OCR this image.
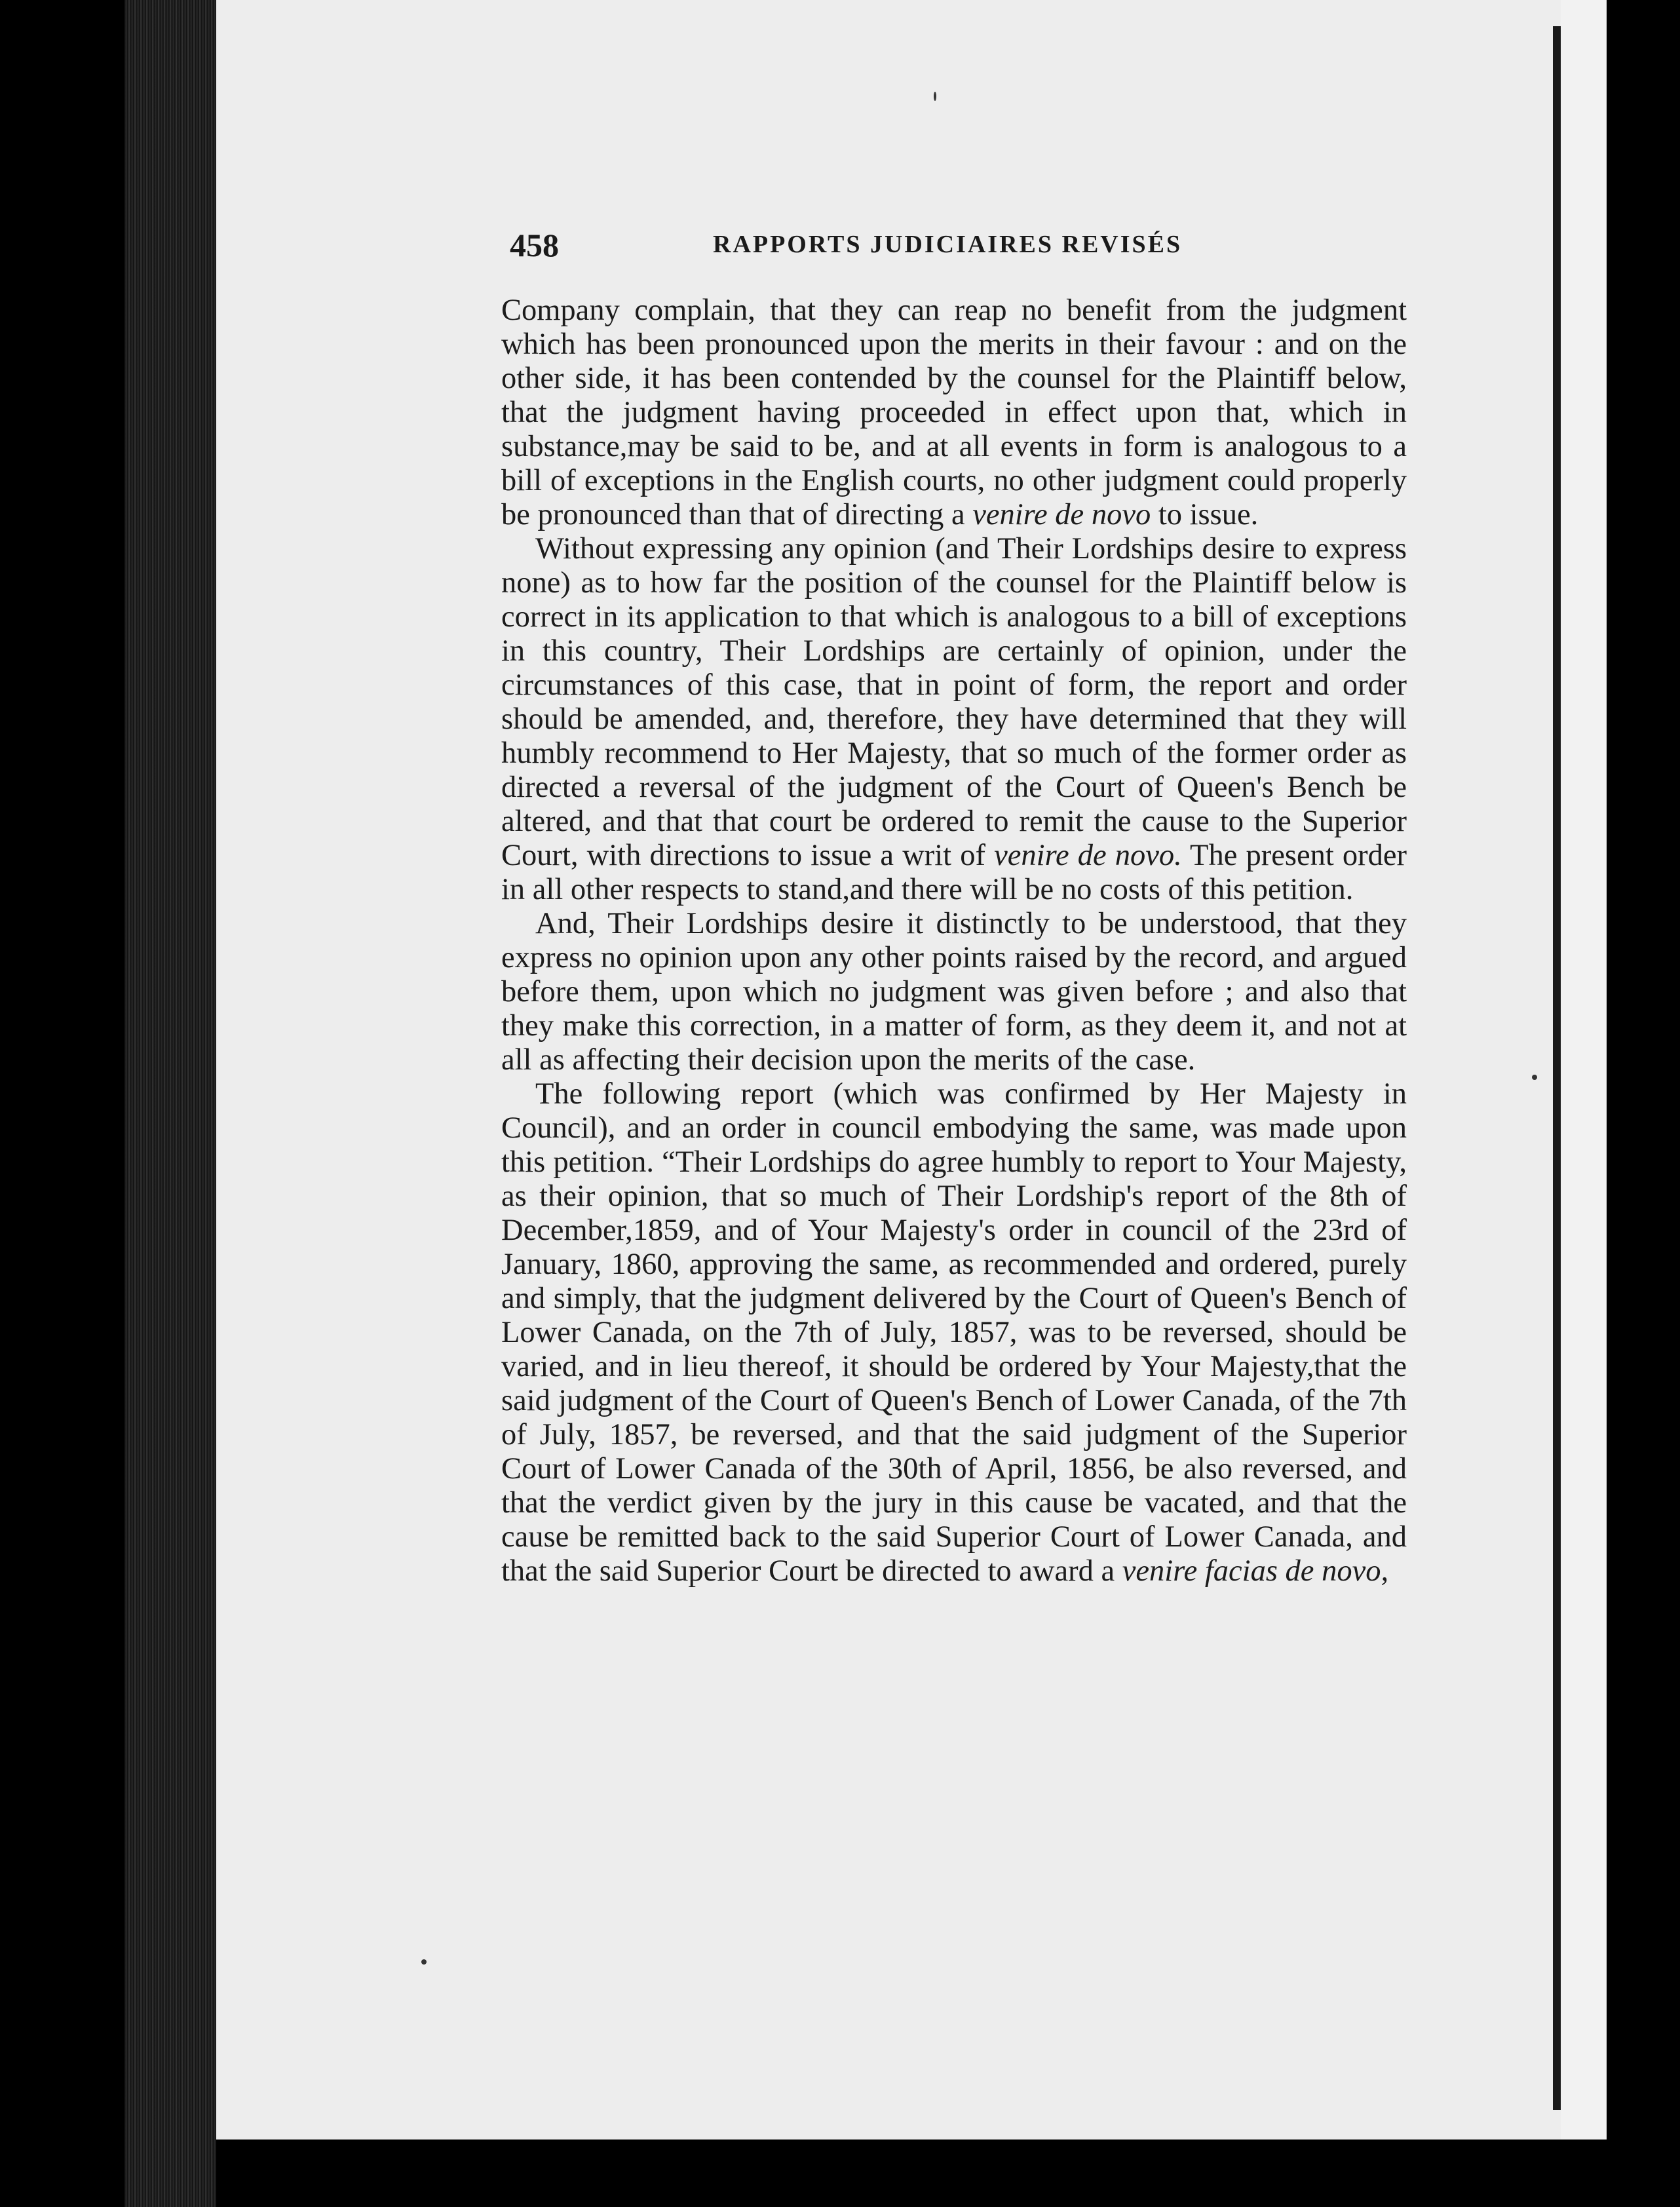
458	RAPPORTS JUDICIAIRES REVISÉS

Company complain, that they can reap no benefit from the judgment which has been pronounced upon the merits in their favour : and on the other side, it has been contended by the counsel for the Plaintiff below, that the judgment having proceeded in effect upon that, which in substance,may be said to be, and at all events in form is analogous to a bill of exceptions in the English courts, no other judgment could properly be pronounced than that of directing a venire de novo to issue.

Without expressing any opinion (and Their Lordships desire to express none) as to how far the position of the counsel for the Plaintiff below is correct in its application to that which is analogous to a bill of exceptions in this country, Their Lordships are certainly of opinion, under the circumstances of this case, that in point of form, the report and order should be amended, and, therefore, they have determined that they will humbly recommend to Her Majesty, that so much of the former order as directed a reversal of the judgment of the Court of Queen's Bench be altered, and that that court be ordered to remit the cause to the Superior Court, with directions to issue a writ of venire de novo. The present order in all other respects to stand,and there will be no costs of this petition.

And, Their Lordships desire it distinctly to be understood, that they express no opinion upon any other points raised by the record, and argued before them, upon which no judgment was given before ; and also that they make this correction, in a matter of form, as they deem it, and not at all as affecting their decision upon the merits of the case.

The following report (which was confirmed by Her Majesty in Council), and an order in council embodying the same, was made upon this petition. “Their Lordships do agree humbly to report to Your Majesty, as their opinion, that so much of Their Lordship's report of the 8th of December,1859, and of Your Majesty's order in council of the 23rd of January, 1860, approving the same, as recommended and ordered, purely and simply, that the judgment delivered by the Court of Queen's Bench of Lower Canada, on the 7th of July, 1857, was to be reversed, should be varied, and in lieu thereof, it should be ordered by Your Majesty,that the said judgment of the Court of Queen's Bench of Lower Canada, of the 7th of July, 1857, be reversed, and that the said judgment of the Superior Court of Lower Canada of the 30th of April, 1856, be also reversed, and that the verdict given by the jury in this cause be vacated, and that the cause be remitted back to the said Superior Court of Lower Canada, and that the said Superior Court be directed to award a venire facias de novo,
